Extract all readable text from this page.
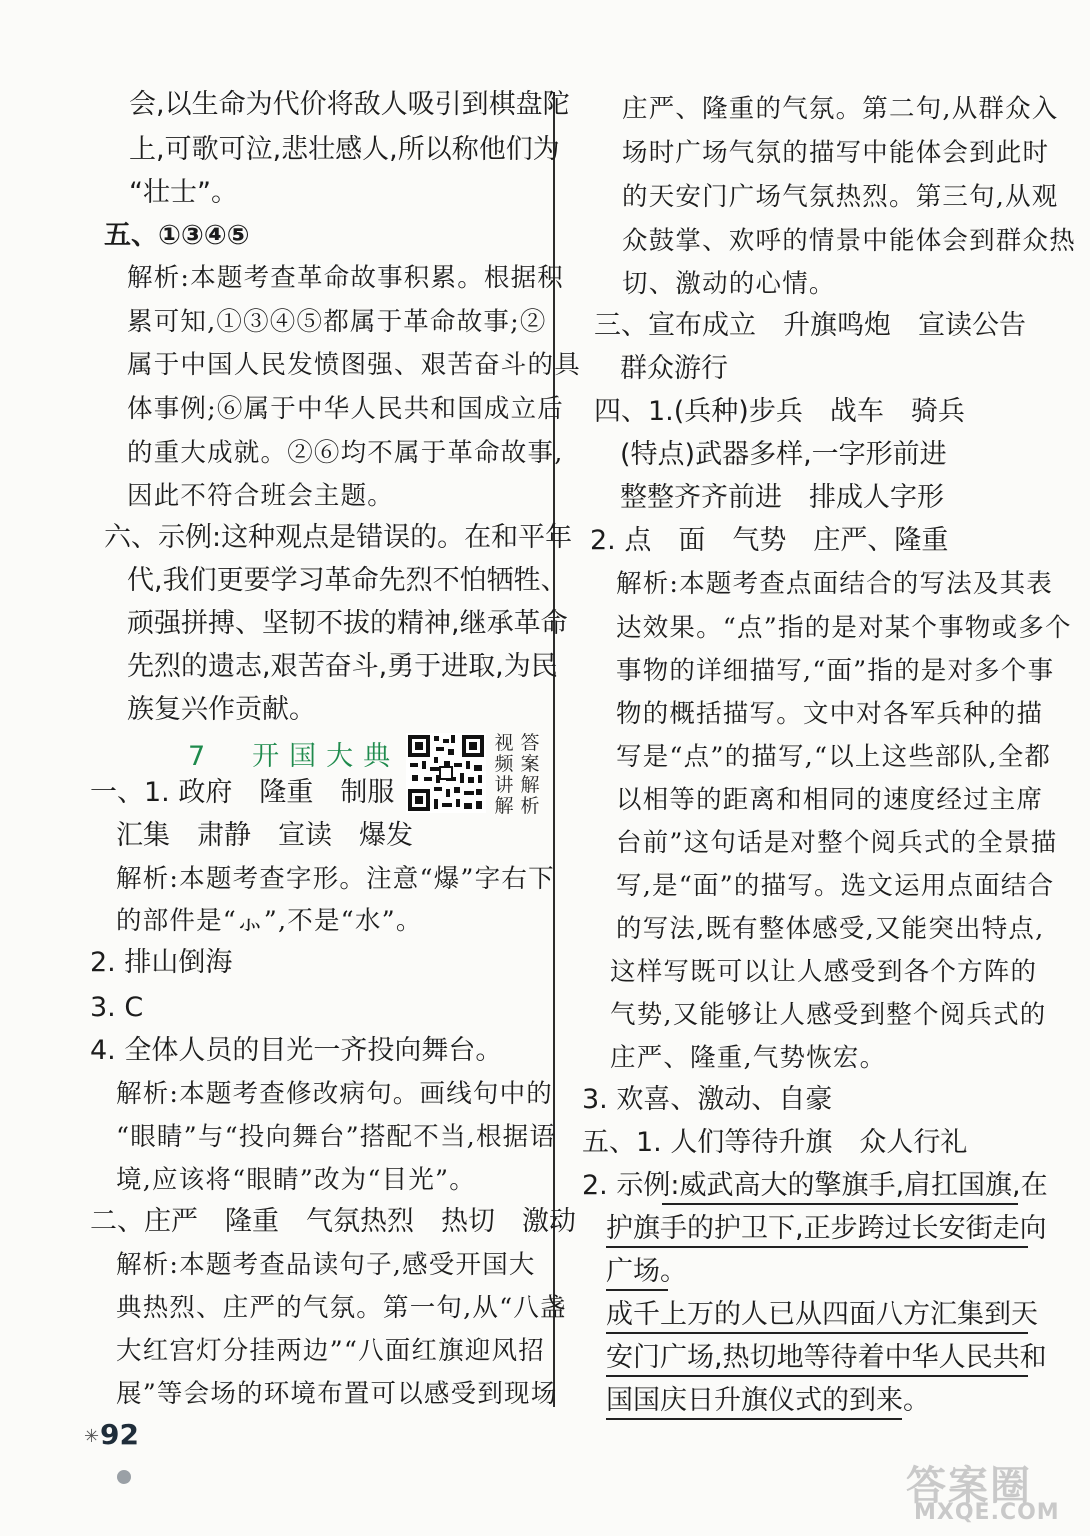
会,以生命为代价将敌人吸引到棋盘陀
上,可歌可泣,悲壮感人,所以称他们为
“壮士”。
五、①③④⑤
解析:本题考查革命故事积累。根据积
累可知,①③④⑤都属于革命故事;②
属于中国人民发愤图强、艰苦奋斗的具
体事例;⑥属于中华人民共和国成立后
的重大成就。②⑥均不属于革命故事,
因此不符合班会主题。
六、示例:这种观点是错误的。在和平年
代,我们更要学习革命先烈不怕牺牲、
顽强拼搏、坚韧不拔的精神,继承革命
先烈的遗志,艰苦奋斗,勇于进取,为民
族复兴作贡献。
7　开国大典	视频讲解
答案解析
一、1. 政府　隆重　制服
汇集　肃静　宣读　爆发
解析:本题考查字形。注意“爆”字右下
的部件是“⺗”,不是“水”。
2. 排山倒海
3. C
4. 全体人员的目光一齐投向舞台。
解析:本题考查修改病句。画线句中的
“眼睛”与“投向舞台”搭配不当,根据语
境,应该将“眼睛”改为“目光”。
二、庄严　隆重　气氛热烈　热切　激动
解析:本题考查品读句子,感受开国大
典热烈、庄严的气氛。第一句,从“八盏
大红宫灯分挂两边”“八面红旗迎风招
展”等会场的环境布置可以感受到现场
庄严、隆重的气氛。第二句,从群众入
场时广场气氛的描写中能体会到此时
的天安门广场气氛热烈。第三句,从观
众鼓掌、欢呼的情景中能体会到群众热
切、激动的心情。
三、宣布成立　升旗鸣炮　宣读公告
群众游行
四、1.(兵种)步兵　战车　骑兵
(特点)武器多样,一字形前进
整整齐齐前进　排成人字形
2. 点　面　气势　庄严、隆重
解析:本题考查点面结合的写法及其表
达效果。“点”指的是对某个事物或多个
事物的详细描写,“面”指的是对多个事
物的概括描写。文中对各军兵种的描
写是“点”的描写,“以上这些部队,全都
以相等的距离和相同的速度经过主席
台前”这句话是对整个阅兵式的全景描
写,是“面”的描写。选文运用点面结合
的写法,既有整体感受,又能突出特点,
这样写既可以让人感受到各个方阵的
气势,又能够让人感受到整个阅兵式的
庄严、隆重,气势恢宏。
3. 欢喜、激动、自豪
五、1. 人们等待升旗　众人行礼
2. 示例:威武高大的擎旗手,肩扛国旗,在
护旗手的护卫下,正步跨过长安街走向
广场。
成千上万的人已从四面八方汇集到天
安门广场,热切地等待着中华人民共和
国国庆日升旗仪式的到来。
✳ 92
答案圈
MXQE.COM
